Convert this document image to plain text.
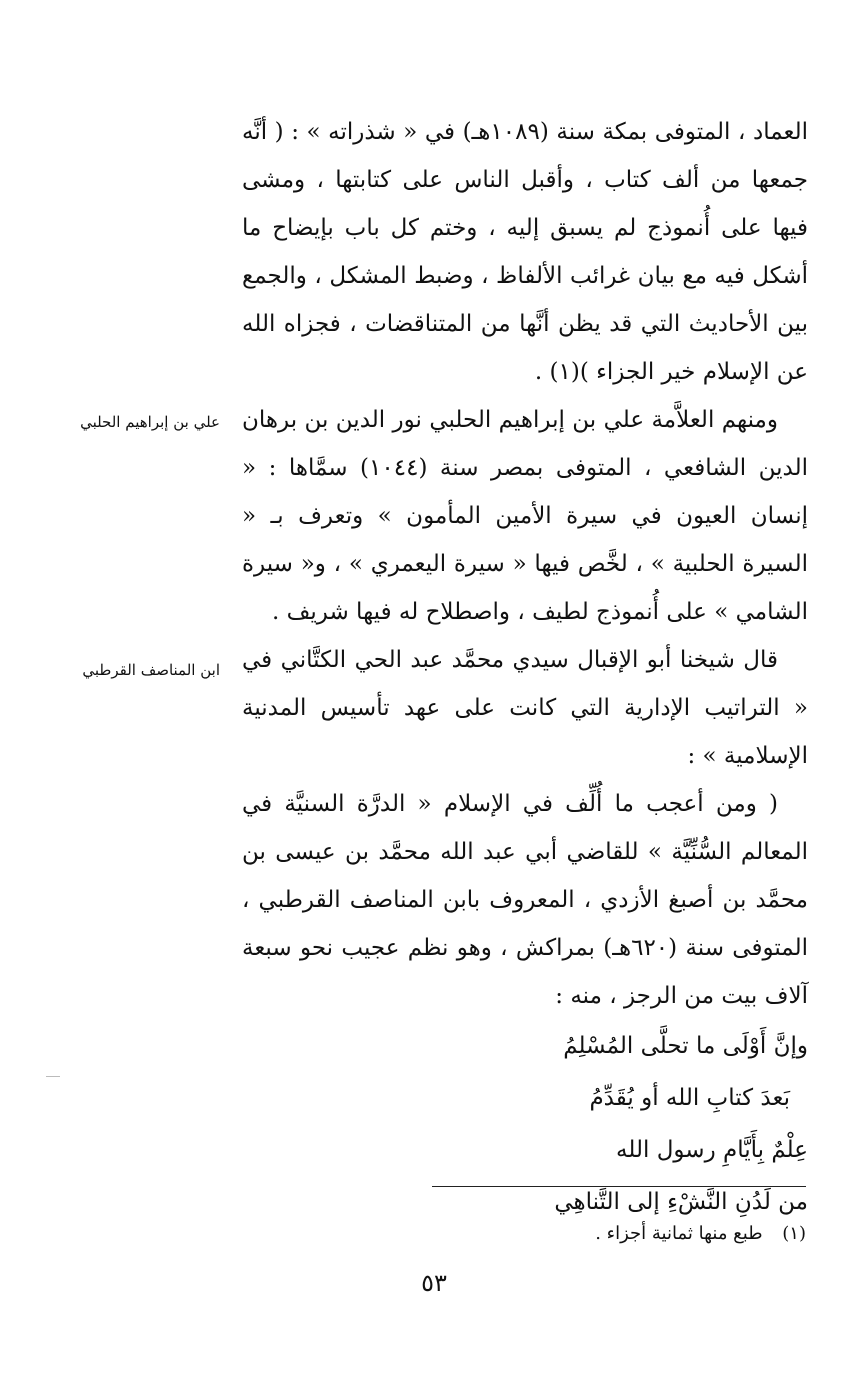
العماد ، المتوفى بمكة سنة (١٠٨٩هـ) في « شذراته » : ( أنَّه جمعها من ألف كتاب ، وأقبل الناس على كتابتها ، ومشى فيها على أُنموذج لم يسبق إليه ، وختم كل باب بإيضاح ما أشكل فيه مع بيان غرائب الألفاظ ، وضبط المشكل ، والجمع بين الأحاديث التي قد يظن أنَّها من المتناقضات ، فجزاه الله عن الإسلام خير الجزاء )(١) .

ومنهم العلاَّمة علي بن إبراهيم الحلبي نور الدين بن برهان الدين الشافعي ، المتوفى بمصر سنة (١٠٤٤) سمَّاها : « إنسان العيون في سيرة الأمين المأمون » وتعرف بـ « السيرة الحلبية » ، لخَّص فيها « سيرة اليعمري » ، و« سيرة الشامي » على أُنموذج لطيف ، واصطلاح له فيها شريف .

قال شيخنا أبو الإقبال سيدي محمَّد عبد الحي الكتَّاني في « التراتيب الإدارية التي كانت على عهد تأسيس المدنية الإسلامية » :

( ومن أعجب ما أُلِّف في الإسلام « الدرَّة السنيَّة في المعالم السُّنِّيَّة » للقاضي أبي عبد الله محمَّد بن عيسى بن محمَّد بن أصبغ الأزدي ، المعروف بابن المناصف القرطبي ، المتوفى سنة (٦٢٠هـ) بمراكش ، وهو نظم عجيب نحو سبعة آلاف بيت من الرجز ، منه :

وإنَّ أَوْلَى ما تحلَّى المُسْلِمُ
بَعدَ كتابِ الله أو يُقَدِّمُ
عِلْمٌ بِأَيَّامِ رسول الله
من لَدُنِ النَّشْءِ إلى التَّناهِي
علي بن إبراهيم الحلبي
ابن المناصف القرطبي
(١) طبع منها ثمانية أجزاء .
٥٣
